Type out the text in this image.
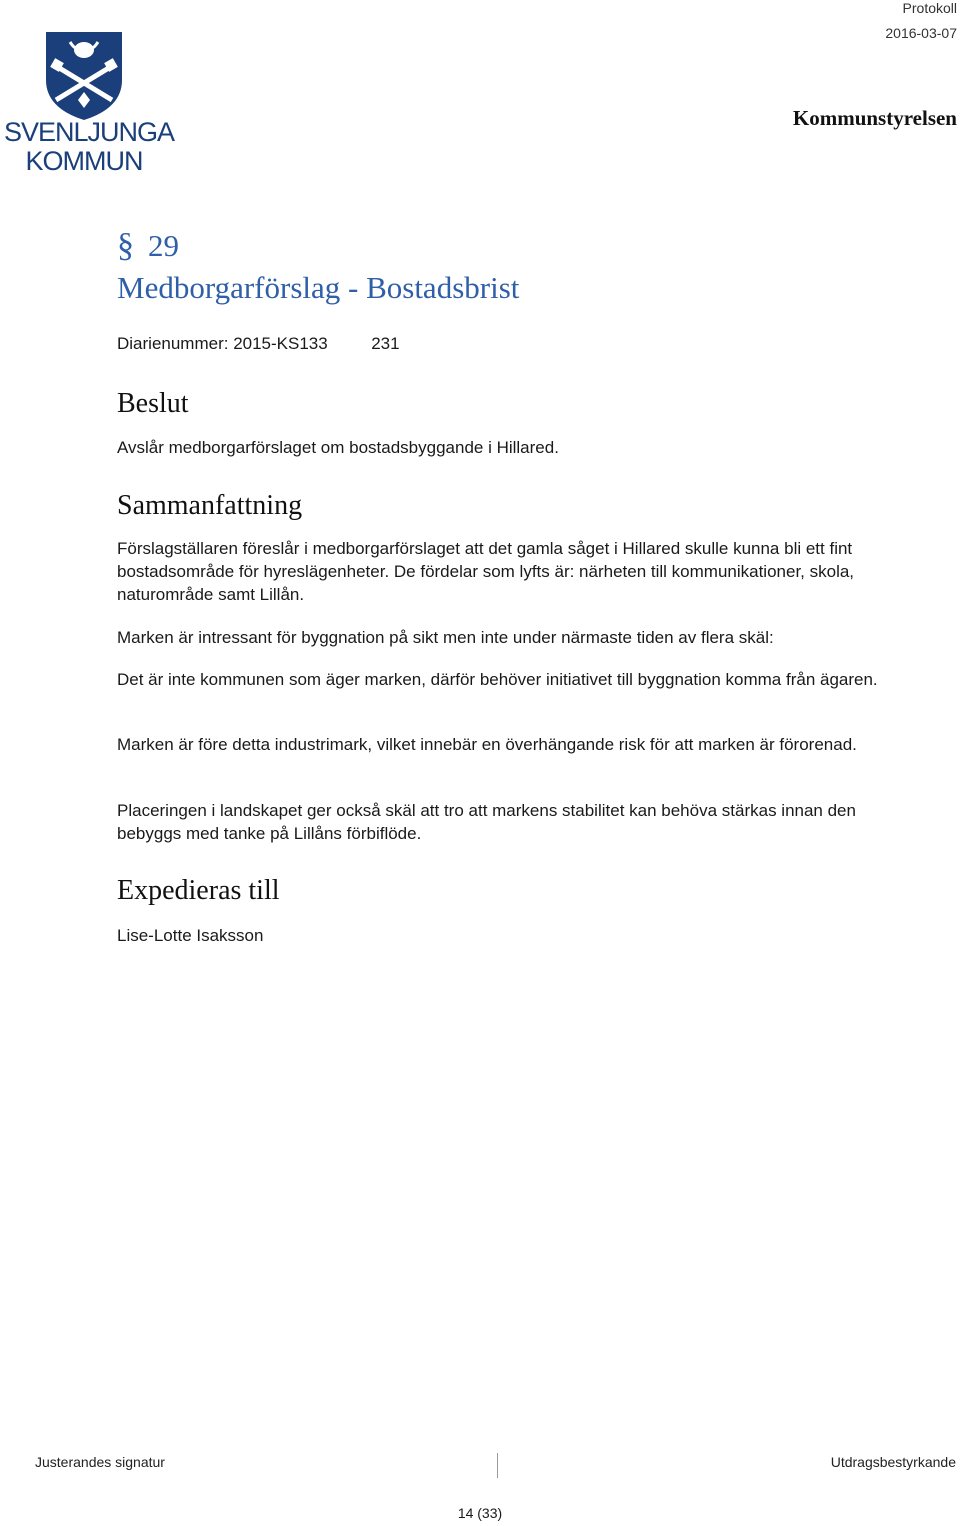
SVENLJUNGA
KOMMUN
Protokoll
2016-03-07
Kommunstyrelsen
§ 29
Medborgarförslag - Bostadsbrist
Diarienummer: 2015-KS133	231
Beslut
Avslår medborgarförslaget om bostadsbyggande i Hillared.
Sammanfattning

Förslagställaren föreslår i medborgarförslaget att det gamla såget i Hillared skulle kunna bli ett fint bostadsområde för hyreslägenheter. De fördelar som lyfts är: närheten till kommunikationer, skola, naturområde samt Lillån.

Marken är intressant för byggnation på sikt men inte under närmaste tiden av flera skäl:
Det är inte kommunen som äger marken, därför behöver initiativet till byggnation komma från ägaren.
Marken är före detta industrimark, vilket innebär en överhängande risk för att marken är förorenad.
Placeringen i landskapet ger också skäl att tro att markens stabilitet kan behöva stärkas innan den bebyggs med tanke på Lillåns förbiflöde.
Expedieras till
Lise-Lotte Isaksson
Justerandes signatur	Utdragsbestyrkande
14 (33)
